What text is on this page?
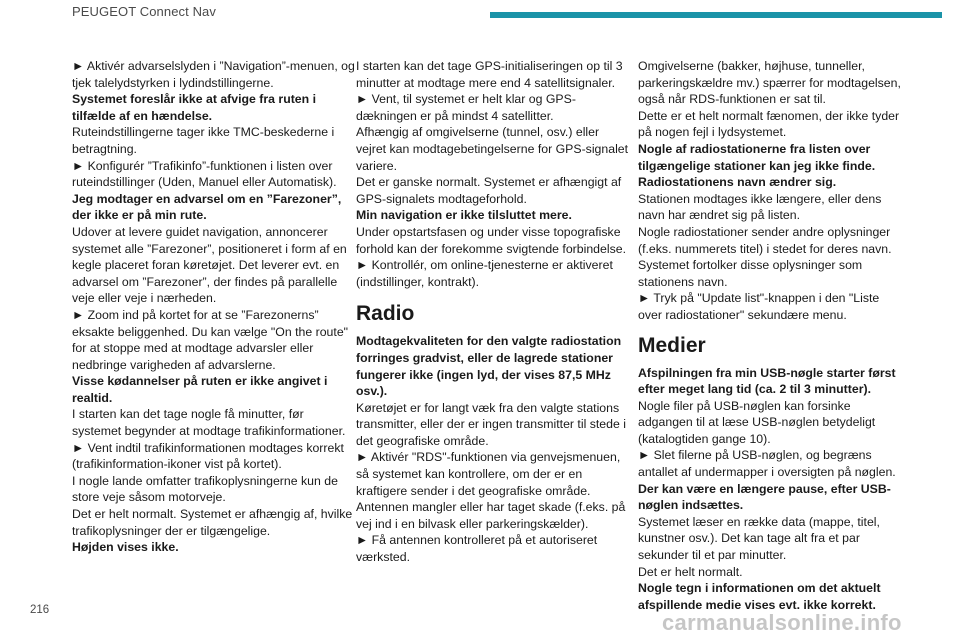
PEUGEOT Connect Nav

► Aktivér advarselslyden i ”Navigation”-menuen, og tjek talelydstyrken i lydindstillingerne.

Systemet foreslår ikke at afvige fra ruten i tilfælde af en hændelse.

Ruteindstillingerne tager ikke TMC-beskederne i betragtning.

► Konfigurér ”Trafikinfo”-funktionen i listen over ruteindstillinger (Uden, Manuel eller Automatisk).

Jeg modtager en advarsel om en ”Farezoner”, der ikke er på min rute.

Udover at levere guidet navigation, annoncerer systemet alle ”Farezoner”, positioneret i form af en kegle placeret foran køretøjet. Det leverer evt. en advarsel om ”Farezoner”, der findes på parallelle veje eller veje i nærheden.

► Zoom ind på kortet for at se ”Farezonerns” eksakte beliggenhed. Du kan vælge "On the route" for at stoppe med at modtage advarsler eller nedbringe varigheden af advarslerne.

Visse kødannelser på ruten er ikke angivet i realtid.

I starten kan det tage nogle få minutter, før systemet begynder at modtage trafikinformationer.

► Vent indtil trafikinformationen modtages korrekt (trafikinformation-ikoner vist på kortet).

I nogle lande omfatter trafikoplysningerne kun de store veje såsom motorveje.

Det er helt normalt. Systemet er afhængig af, hvilke trafikoplysninger der er tilgængelige.

Højden vises ikke.

I starten kan det tage GPS-initialiseringen op til 3 minutter at modtage mere end 4 satellitsignaler.

► Vent, til systemet er helt klar og GPS-dækningen er på mindst 4 satellitter.

Afhængig af omgivelserne (tunnel, osv.) eller vejret kan modtagebetingelserne for GPS-signalet variere.

Det er ganske normalt. Systemet er afhængigt af GPS-signalets modtageforhold.

Min navigation er ikke tilsluttet mere.

Under opstartsfasen og under visse topografiske forhold kan der forekomme svigtende forbindelse.

► Kontrollér, om online-tjenesterne er aktiveret (indstillinger, kontrakt).

Radio

Modtagekvaliteten for den valgte radiostation forringes gradvist, eller de lagrede stationer fungerer ikke (ingen lyd, der vises 87,5 MHz osv.).

Køretøjet er for langt væk fra den valgte stations transmitter, eller der er ingen transmitter til stede i det geografiske område.

► Aktivér "RDS"-funktionen via genvejsmenuen, så systemet kan kontrollere, om der er en kraftigere sender i det geografiske område.

Antennen mangler eller har taget skade (f.eks. på vej ind i en bilvask eller parkeringskælder).

► Få antennen kontrolleret på et autoriseret værksted.

Omgivelserne (bakker, højhuse, tunneller, parkeringskældre mv.) spærrer for modtagelsen, også når RDS-funktionen er sat til.

Dette er et helt normalt fænomen, der ikke tyder på nogen fejl i lydsystemet.

Nogle af radiostationerne fra listen over tilgængelige stationer kan jeg ikke finde.

Radiostationens navn ændrer sig.

Stationen modtages ikke længere, eller dens navn har ændret sig på listen.

Nogle radiostationer sender andre oplysninger (f.eks. nummerets titel) i stedet for deres navn.

Systemet fortolker disse oplysninger som stationens navn.

► Tryk på "Update list"-knappen i den "Liste over radiostationer" sekundære menu.

Medier

Afspilningen fra min USB-nøgle starter først efter meget lang tid (ca. 2 til 3 minutter).

Nogle filer på USB-nøglen kan forsinke adgangen til at læse USB-nøglen betydeligt (katalogtiden gange 10).

► Slet filerne på USB-nøglen, og begræns antallet af undermapper i oversigten på nøglen.

Der kan være en længere pause, efter USB-nøglen indsættes.

Systemet læser en række data (mappe, titel, kunstner osv.). Det kan tage alt fra et par sekunder til et par minutter.

Det er helt normalt.

Nogle tegn i informationen om det aktuelt afspillende medie vises evt. ikke korrekt.

216	carmanualsonline.info
